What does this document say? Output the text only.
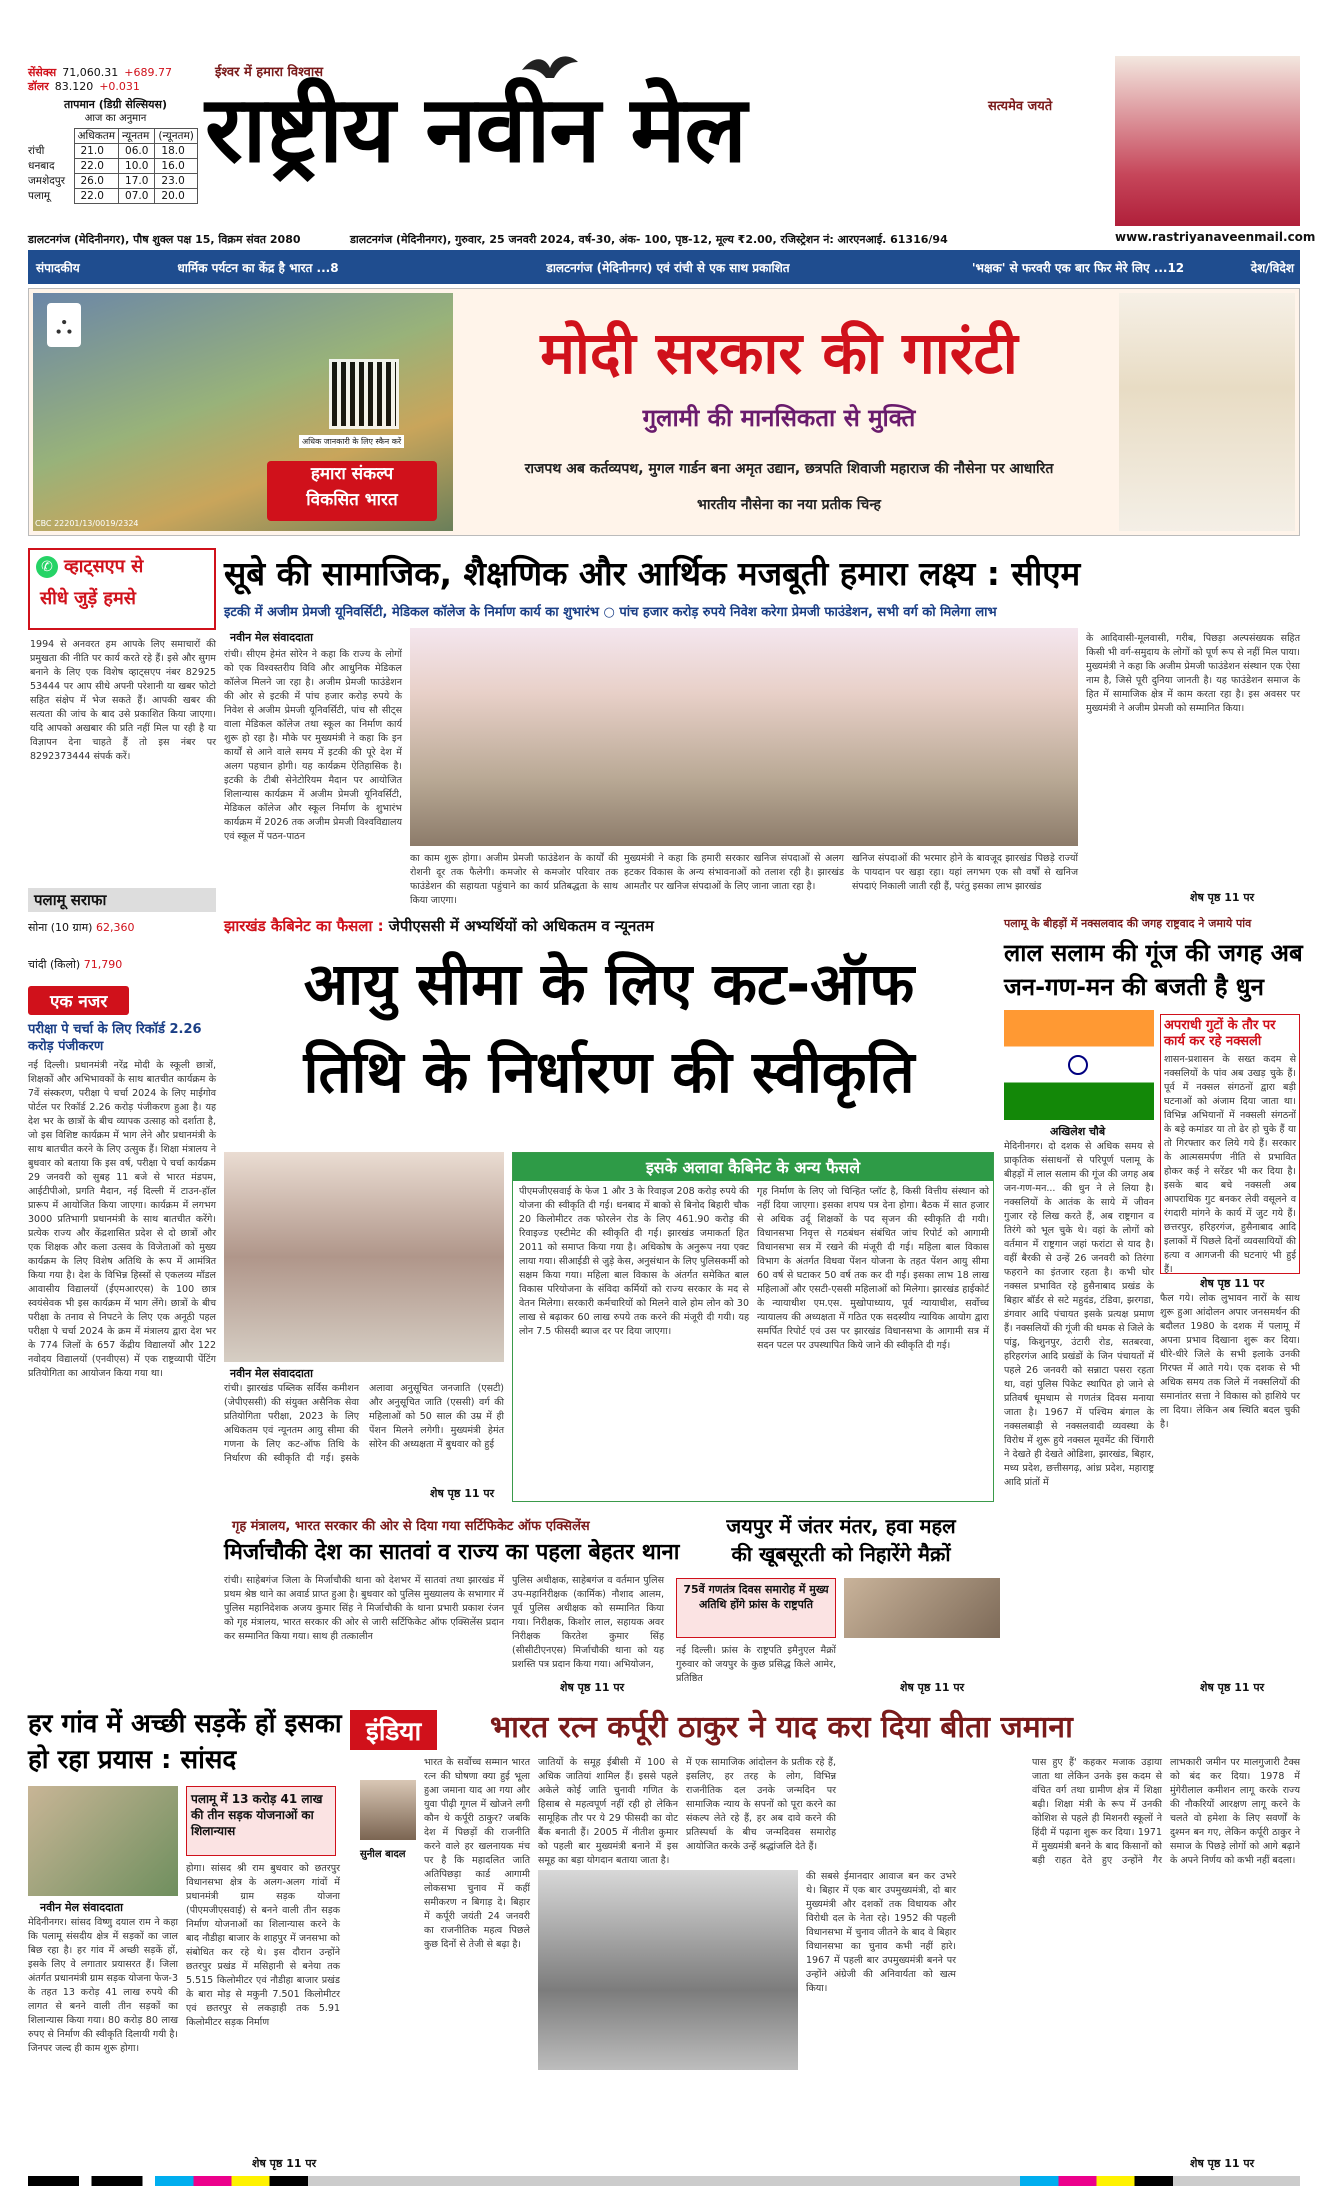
सेंसेक्स 71,060.31 +689.77
डॉलर 83.120 +0.031
तापमान (डिग्री सेल्सियस)
आज का अनुमान
	अधिकतम	न्यूनतम	(न्यूनतम)
रांची	21.0	06.0	18.0
धनबाद	22.0	10.0	16.0
जमशेदपुर	26.0	17.0	23.0
पलामू	22.0	07.0	20.0
ईश्वर में हमारा विश्वास
राष्ट्रीय नवीन मेल	सत्यमेव जयते
www.rastriyanaveenmail.com
डालटनगंज (मेदिनीनगर), पौष शुक्ल पक्ष 15, विक्रम संवत 2080	डालटनगंज (मेदिनीनगर), गुरुवार, 25 जनवरी 2024, वर्ष-30, अंक- 100, पृष्ठ-12, मूल्य ₹2.00, रजिस्ट्रेशन नं: आरएनआई. 61316/94
संपादकीय	धार्मिक पर्यटन का केंद्र है भारत ...8	डालटनगंज (मेदिनीनगर) एवं रांची से एक साथ प्रकाशित	'भक्षक' से फरवरी एक बार फिर मेरे लिए ...12	देश/विदेश
⛬
अधिक जानकारी के लिए स्कैन करें
हमारा संकल्प
विकसित भारत
CBC 22201/13/0019/2324
मोदी सरकार की गारंटी
गुलामी की मानसिकता से मुक्ति
राजपथ अब कर्तव्यपथ, मुगल गार्डन बना अमृत उद्यान, छत्रपति शिवाजी महाराज की नौसेना पर आधारित
भारतीय नौसेना का नया प्रतीक चिन्ह
✆ व्हाट्सएप से
सीधे जुड़ें हमसे
1994 से अनवरत हम आपके लिए समाचारों की प्रमुखता की नीति पर कार्य करते रहे हैं। इसे और सुगम बनाने के लिए एक विशेष व्हाट्सएप नंबर 82925 53444 पर आप सीधे अपनी परेशानी या खबर फोटो सहित संक्षेप में भेज सकते हैं। आपकी खबर की सत्यता की जांच के बाद उसे प्रकाशित किया जाएगा। यदि आपको अखबार की प्रति नहीं मिल पा रही है या विज्ञापन देना चाहते हैं तो इस नंबर पर 8292373444 संपर्क करें।
पलामू सराफा
सोना (10 ग्राम) 62,360
चांदी (किलो) 71,790
एक नजर
परीक्षा पे चर्चा के लिए रिकॉर्ड 2.26 करोड़ पंजीकरण
नई दिल्ली। प्रधानमंत्री नरेंद्र मोदी के स्कूली छात्रों, शिक्षकों और अभिभावकों के साथ बातचीत कार्यक्रम के 7वें संस्करण, परीक्षा पे चर्चा 2024 के लिए माईगोव पोर्टल पर रिकॉर्ड 2.26 करोड़ पंजीकरण हुआ है। यह देश भर के छात्रों के बीच व्यापक उत्साह को दर्शाता है, जो इस विशिष्ट कार्यक्रम में भाग लेने और प्रधानमंत्री के साथ बातचीत करने के लिए उत्सुक हैं। शिक्षा मंत्रालय ने बुधवार को बताया कि इस वर्ष, परीक्षा पे चर्चा कार्यक्रम 29 जनवरी को सुबह 11 बजे से भारत मंडपम, आईटीपीओ, प्रगति मैदान, नई दिल्ली में टाउन-हॉल प्रारूप में आयोजित किया जाएगा। कार्यक्रम में लगभग 3000 प्रतिभागी प्रधानमंत्री के साथ बातचीत करेंगे। प्रत्येक राज्य और केंद्रशासित प्रदेश से दो छात्रों और एक शिक्षक और कला उत्सव के विजेताओं को मुख्य कार्यक्रम के लिए विशेष अतिथि के रूप में आमंत्रित किया गया है। देश के विभिन्न हिस्सों से एकलव्य मॉडल आवासीय विद्यालयों (ईएमआरएस) के 100 छात्र स्वयंसेवक भी इस कार्यक्रम में भाग लेंगे। छात्रों के बीच परीक्षा के तनाव से निपटने के लिए एक अनूठी पहल परीक्षा पे चर्चा 2024 के क्रम में मंत्रालय द्वारा देश भर के 774 जिलों के 657 केंद्रीय विद्यालयों और 122 नवोदय विद्यालयों (एनवीएस) में एक राष्ट्रव्यापी पेंटिंग प्रतियोगिता का आयोजन किया गया था।
सूबे की सामाजिक, शैक्षणिक और आर्थिक मजबूती हमारा लक्ष्य : सीएम
इटकी में अजीम प्रेमजी यूनिवर्सिटी, मेडिकल कॉलेज के निर्माण कार्य का शुभारंभ ○ पांच हजार करोड़ रुपये निवेश करेगा प्रेमजी फाउंडेशन, सभी वर्ग को मिलेगा लाभ
नवीन मेल संवाददाता
रांची। सीएम हेमंत सोरेन ने कहा कि राज्य के लोगों को एक विश्वस्तरीय विवि और आधुनिक मेडिकल कॉलेज मिलने जा रहा है। अजीम प्रेमजी फाउंडेशन की ओर से इटकी में पांच हजार करोड़ रुपये के निवेश से अजीम प्रेमजी यूनिवर्सिटी, पांच सौ सीट्स वाला मेडिकल कॉलेज तथा स्कूल का निर्माण कार्य शुरू हो रहा है। मौके पर मुख्यमंत्री ने कहा कि इन कार्यों से आने वाले समय में इटकी की पूरे देश में अलग पहचान होगी। यह कार्यक्रम ऐतिहासिक है। इटकी के टीबी सेनेटोरियम मैदान पर आयोजित शिलान्यास कार्यक्रम में अजीम प्रेमजी यूनिवर्सिटी, मेडिकल कॉलेज और स्कूल निर्माण के शुभारंभ कार्यक्रम में 2026 तक अजीम प्रेमजी विश्वविद्यालय एवं स्कूल में पठन-पाठन
का काम शुरू होगा। अजीम प्रेमजी फाउंडेशन के कार्यों की रोशनी दूर तक फैलेगी। कमजोर से कमजोर परिवार तक फाउंडेशन की सहायता पहुंचाने का कार्य प्रतिबद्धता के साथ किया जाएगा।
मुख्यमंत्री ने कहा कि हमारी सरकार खनिज संपदाओं से अलग हटकर विकास के अन्य संभावनाओं को तलाश रही है। झारखंड आमतौर पर खनिज संपदाओं के लिए जाना जाता रहा है।
खनिज संपदाओं की भरमार होने के बावजूद झारखंड पिछड़े राज्यों के पायदान पर खड़ा रहा। यहां लगभग एक सौ वर्षों से खनिज संपदाएं निकाली जाती रही हैं, परंतु इसका लाभ झारखंड
के आदिवासी-मूलवासी, गरीब, पिछड़ा अल्पसंख्यक सहित किसी भी वर्ग-समुदाय के लोगों को पूर्ण रूप से नहीं मिल पाया। मुख्यमंत्री ने कहा कि अजीम प्रेमजी फाउंडेशन संस्थान एक ऐसा नाम है, जिसे पूरी दुनिया जानती है। यह फाउंडेशन समाज के हित में सामाजिक क्षेत्र में काम करता रहा है। इस अवसर पर मुख्यमंत्री ने अजीम प्रेमजी को सम्मानित किया।
शेष पृष्ठ 11 पर
झारखंड कैबिनेट का फैसला : जेपीएससी में अभ्यर्थियों को अधिकतम व न्यूनतम
आयु सीमा के लिए कट-ऑफ
तिथि के निर्धारण की स्वीकृति
नवीन मेल संवाददाता
रांची। झारखंड पब्लिक सर्विस कमीशन (जेपीएससी) की संयुक्त असैनिक सेवा प्रतियोगिता परीक्षा, 2023 के लिए अधिकतम एवं न्यूनतम आयु सीमा की गणना के लिए कट-ऑफ तिथि के निर्धारण की स्वीकृति दी गई। इसके अलावा अनुसूचित जनजाति (एसटी) और अनुसूचित जाति (एससी) वर्ग की महिलाओं को 50 साल की उम्र में ही पेंशन मिलने लगेगी। मुख्यमंत्री हेमंत सोरेन की अध्यक्षता में बुधवार को हुई
शेष पृष्ठ 11 पर
इसके अलावा कैबिनेट के अन्य फैसले
पीएमजीएसवाई के फेज 1 और 3 के रिवाइज 208 करोड़ रुपये की योजना की स्वीकृति दी गई। धनबाद में बाको से बिनोद बिहारी चौक 20 किलोमीटर तक फोरलेन रोड के लिए 461.90 करोड़ की रिवाइज्ड एस्टीमेट की स्वीकृति दी गई। झारखंड जमाकर्ता हित 2011 को समाप्त किया गया है। अधिकोष के अनुरूप नया एक्ट लाया गया। सीआईडी से जुड़े केस, अनुसंधान के लिए पुलिसकर्मी को सक्षम किया गया। महिला बाल विकास के अंतर्गत समेकित बाल विकास परियोजना के संविदा कर्मियों को राज्य सरकार के मद से वेतन मिलेगा। सरकारी कर्मचारियों को मिलने वाले होम लोन को 30 लाख से बढ़ाकर 60 लाख रुपये तक करने की मंजूरी दी गयी। यह लोन 7.5 फीसदी ब्याज दर पर दिया जाएगा।
गृह निर्माण के लिए जो चिन्हित प्लॉट है, किसी वित्तीय संस्थान को नहीं दिया जाएगा। इसका शपथ पत्र देना होगा। बैठक में सात हजार से अधिक उर्दू शिक्षकों के पद सृजन की स्वीकृति दी गयी। विधानसभा निवृत्त से गठबंधन संबंधित जांच रिपोर्ट को आगामी विधानसभा सत्र में रखने की मंजूरी दी गई। महिला बाल विकास विभाग के अंतर्गत विधवा पेंशन योजना के तहत पेंशन आयु सीमा 60 वर्ष से घटाकर 50 वर्ष तक कर दी गई। इसका लाभ 18 लाख महिलाओं और एसटी-एससी महिलाओं को मिलेगा। झारखंड हाईकोर्ट के न्यायाधीश एम.एस. मुखोपाध्याय, पूर्व न्यायाधीश, सर्वोच्च न्यायालय की अध्यक्षता में गठित एक सदस्यीय न्यायिक आयोग द्वारा समर्पित रिपोर्ट एवं उस पर झारखंड विधानसभा के आगामी सत्र में सदन पटल पर उपस्थापित किये जाने की स्वीकृति दी गई।
गृह मंत्रालय, भारत सरकार की ओर से दिया गया सर्टिफिकेट ऑफ एक्सिलेंस
मिर्जाचौकी देश का सातवां व राज्य का पहला बेहतर थाना
रांची। साहेबगंज जिला के मिर्जाचौकी थाना को देशभर में सातवां तथा झारखंड में प्रथम श्रेष्ठ थाने का अवार्ड प्राप्त हुआ है। बुधवार को पुलिस मुख्यालय के सभागार में पुलिस महानिदेशक अजय कुमार सिंह ने मिर्जाचौकी के थाना प्रभारी प्रकाश रंजन को गृह मंत्रालय, भारत सरकार की ओर से जारी सर्टिफिकेट ऑफ एक्सिलेंस प्रदान कर सम्मानित किया गया। साथ ही तत्कालीन
पुलिस अधीक्षक, साहेबगंज व वर्तमान पुलिस उप-महानिरीक्षक (कार्मिक) नौशाद आलम, पूर्व पुलिस अधीक्षक को सम्मानित किया गया। निरीक्षक, किशोर लाल, सहायक अवर निरीक्षक किरतेश कुमार सिंह (सीसीटीएनएस) मिर्जाचौकी थाना को यह प्रशस्ति पत्र प्रदान किया गया। अभियोजन,
शेष पृष्ठ 11 पर
जयपुर में जंतर मंतर, हवा महल
की खूबसूरती को निहारेंगे मैक्रों
75वें गणतंत्र दिवस समारोह में मुख्य अतिथि होंगे फ्रांस के राष्ट्रपति
नई दिल्ली। फ्रांस के राष्ट्रपति इमैनुएल मैक्रों गुरुवार को जयपुर के कुछ प्रसिद्ध किले आमेर, प्रतिष्ठित
शेष पृष्ठ 11 पर
पलामू के बीहड़ों में नक्सलवाद की जगह राष्ट्रवाद ने जमाये पांव
लाल सलाम की गूंज की जगह अब
जन-गण-मन की बजती है धुन
अखिलेश चौबे
मेदिनीनगर। दो दशक से अधिक समय से प्राकृतिक संसाधनों से परिपूर्ण पलामू के बीहड़ों में लाल सलाम की गूंज की जगह अब जन-गण-मन... की धुन ने ले लिया है। नक्सलियों के आतंक के साये में जीवन गुजार रहे लिख करते हैं, अब राष्ट्रगान व तिरंगे को भूल चुके थे। वहां के लोगों को वर्तमान में राष्ट्रगान जहां फरांटा से याद है। वहीं बैरकी से उन्हें 26 जनवरी को तिरंगा फहराने का इंतजार रहता है। कभी घोर नक्सल प्रभावित रहे हुसैनाबाद प्रखंड के बिहार बॉर्डर से सटे महुदंड, टंडिवा, झरगडा, डंगवार आदि पंचायत इसके प्रत्यक्ष प्रमाण हैं। नक्सलियों की गूंजी की धमक से जिले के पांडु, किशुनपुर, उंटारी रोड, सतबरवा, हरिहरगंज आदि प्रखंडों के जिन पंचायतों में पहले 26 जनवरी को सन्नाटा पसरा रहता था, वहां पुलिस पिकेट स्थापित हो जाने से प्रतिवर्ष धूमधाम से गणतंत्र दिवस मनाया जाता है। 1967 में पश्चिम बंगाल के नक्सलबाड़ी से नक्सलवादी व्यवस्था के विरोध में शुरू हुये नक्सल मूवमेंट की चिंगारी ने देखते ही देखते ओडिशा, झारखंड, बिहार, मध्य प्रदेश, छत्तीसगढ़, आंध्र प्रदेश, महाराष्ट्र आदि प्रांतों में
अपराधी गुटों के तौर पर कार्य कर रहे नक्सली
शासन-प्रशासन के सख्त कदम से नक्सलियों के पांव अब उखड़ चुके हैं। पूर्व में नक्सल संगठनों द्वारा बड़ी घटनाओं को अंजाम दिया जाता था। विभिन्न अभियानों में नक्सली संगठनों के बड़े कमांडर या तो ढेर हो चुके हैं या तो गिरफ्तार कर लिये गये हैं। सरकार के आत्मसमर्पण नीति से प्रभावित होकर कई ने सरेंडर भी कर दिया है। इसके बाद बचे नक्सली अब आपराधिक गुट बनकर लेवी वसूलने व रंगदारी मांगने के कार्य में जुट गये हैं। छत्तरपुर, हरिहरगंज, हुसैनाबाद आदि इलाकों में पिछले दिनों व्यवसायियों की हत्या व आगजनी की घटनाएं भी हुई हैं।
शेष पृष्ठ 11 पर
फैल गये। लोक लुभावन नारों के साथ शुरू हुआ आंदोलन अपार जनसमर्थन की बदौलत 1980 के दशक में पलामू में अपना प्रभाव दिखाना शुरू कर दिया। धीरे-धीरे जिले के सभी इलाके उनकी गिरफ्त में आते गये। एक दशक से भी अधिक समय तक जिले में नक्सलियों की समानांतर सत्ता ने विकास को हाशिये पर ला दिया। लेकिन अब स्थिति बदल चुकी है।
शेष पृष्ठ 11 पर
हर गांव में अच्छी सड़कें हों इसका हो रहा प्रयास : सांसद
पलामू में 13 करोड़ 41 लाख की तीन सड़क योजनाओं का शिलान्यास
नवीन मेल संवाददाता
मेदिनीनगर। सांसद विष्णु दयाल राम ने कहा कि पलामू संसदीय क्षेत्र में सड़कों का जाल बिछ रहा है। हर गांव में अच्छी सड़कें हों, इसके लिए वे लगातार प्रयासरत हैं। जिला अंतर्गत प्रधानमंत्री ग्राम सड़क योजना फेज-3 के तहत 13 करोड़ 41 लाख रुपये की लागत से बनने वाली तीन सड़कों का शिलान्यास किया गया। 80 करोड़ 80 लाख रुपए से निर्माण की स्वीकृति दिलायी गयी है। जिनपर जल्द ही काम शुरू होगा।
होगा। सांसद श्री राम बुधवार को छतरपुर विधानसभा क्षेत्र के अलग-अलग गांवों में प्रधानमंत्री ग्राम सड़क योजना (पीएमजीएसवाई) से बनने वाली तीन सड़क निर्माण योजनाओं का शिलान्यास करने के बाद नौडीहा बाजार के शाहपुर में जनसभा को संबोधित कर रहे थे। इस दौरान उन्होंने छतरपुर प्रखंड में मसिहानी से बनेया तक 5.515 किलोमीटर एवं नौडीहा बाजार प्रखंड के बारा मोड़ से मकुनी 7.501 किलोमीटर एवं छतरपुर से लकड़ाही तक 5.91 किलोमीटर सड़क निर्माण
शेष पृष्ठ 11 पर
इंडिया	भारत रत्न कर्पूरी ठाकुर ने याद करा दिया बीता जमाना
सुनील बादल
भारत के सर्वोच्च सम्मान भारत रत्न की घोषणा क्या हुई भूला हुआ जमाना याद आ गया और युवा पीढ़ी गूगल में खोजने लगी कौन थे कर्पूरी ठाकुर? जबकि देश में पिछड़ों की राजनीति करने वाले हर खलनायक मंच पर है कि महादलित जाति अतिपिछड़ा कार्ड आगामी लोकसभा चुनाव में कहीं समीकरण न बिगाड़ दे। बिहार में कर्पूरी जयंती 24 जनवरी का राजनीतिक महत्व पिछले कुछ दिनों से तेजी से बढ़ा है।
जातियों के समूह ईबीसी में 100 से अधिक जातियां शामिल हैं। इससे पहले अकेले कोई जाति चुनावी गणित के हिसाब से महत्वपूर्ण नहीं रही हो लेकिन सामूहिक तौर पर ये 29 फीसदी का वोट बैंक बनाती हैं। 2005 में नीतीश कुमार को पहली बार मुख्यमंत्री बनाने में इस समूह का बड़ा योगदान बताया जाता है।
में एक सामाजिक आंदोलन के प्रतीक रहे हैं, इसलिए, हर तरह के लोग, विभिन्न राजनीतिक दल उनके जन्मदिन पर सामाजिक न्याय के सपनों को पूरा करने का संकल्प लेते रहे हैं, हर अब दावे करने की प्रतिस्पर्धा के बीच जन्मदिवस समारोह आयोजित करके उन्हें श्रद्धांजलि देते हैं।
की सबसे ईमानदार आवाज बन कर उभरे थे। बिहार में एक बार उपमुख्यमंत्री, दो बार मुख्यमंत्री और दशकों तक विधायक और विरोधी दल के नेता रहे। 1952 की पहली विधानसभा में चुनाव जीतने के बाद वे बिहार विधानसभा का चुनाव कभी नहीं हारे। 1967 में पहली बार उपमुख्यमंत्री बनने पर उन्होंने अंग्रेजी की अनिवार्यता को खत्म किया।
पास हुए हैं' कहकर मजाक उड़ाया जाता था लेकिन उनके इस कदम से वंचित वर्ग तथा ग्रामीण क्षेत्र में शिक्षा बढ़ी। शिक्षा मंत्री के रूप में उनकी कोशिश से पहले ही मिशनरी स्कूलों ने हिंदी में पढ़ाना शुरू कर दिया। 1971 में मुख्यमंत्री बनने के बाद किसानों को बड़ी राहत देते हुए उन्होंने गैर लाभकारी जमीन पर मालगुजारी टैक्स को बंद कर दिया। 1978 में मुंगेरीलाल कमीशन लागू करके राज्य की नौकरियों आरक्षण लागू करने के चलते वो हमेशा के लिए सवर्णों के दुश्मन बन गए, लेकिन कर्पूरी ठाकुर ने समाज के पिछड़े लोगों को आगे बढ़ाने के अपने निर्णय को कभी नहीं बदला।
शेष पृष्ठ 11 पर
